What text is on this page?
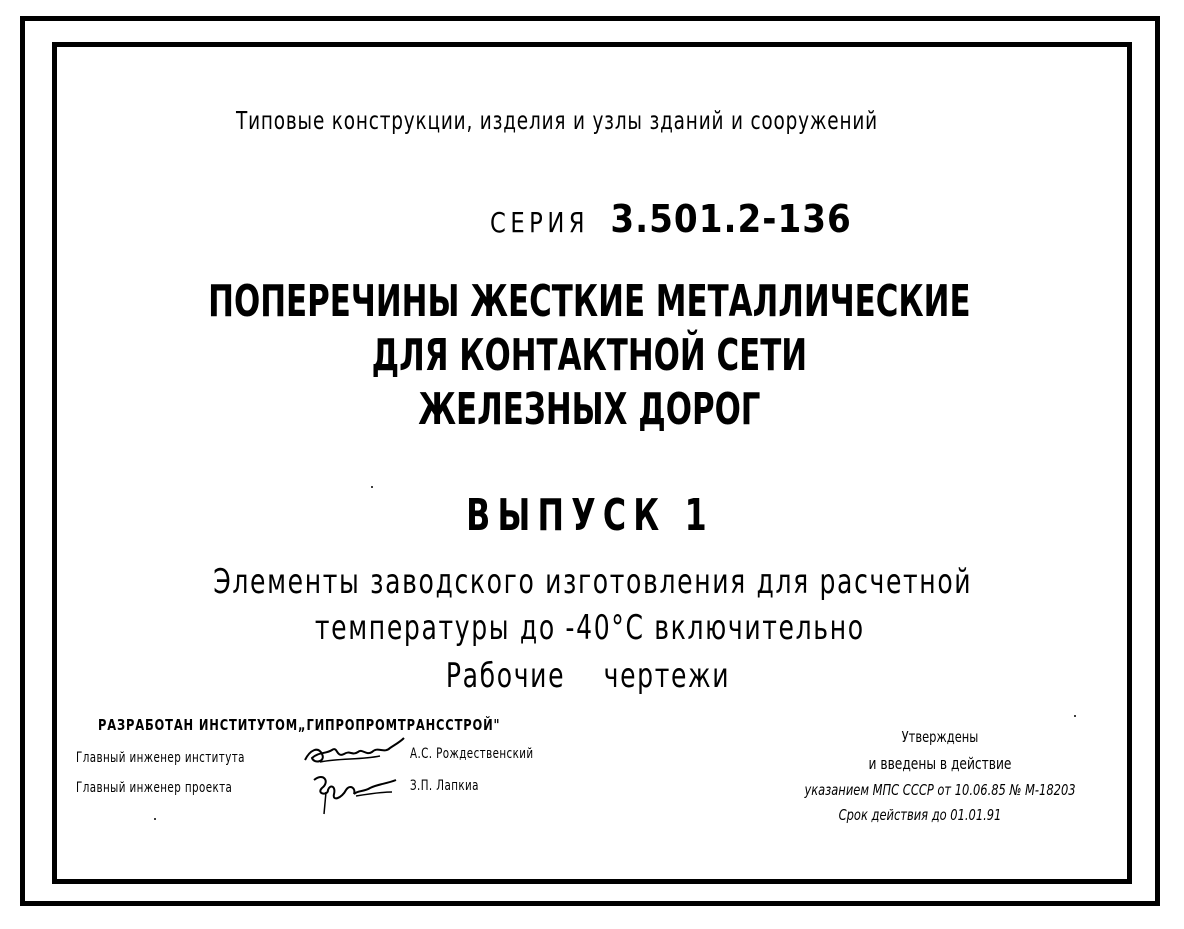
Типовые конструкции, изделия и узлы зданий и сооружений
СЕРИЯ 3.501.2-136
ПОПЕРЕЧИНЫ ЖЕСТКИЕ МЕТАЛЛИЧЕСКИЕ
ДЛЯ КОНТАКТНОЙ СЕТИ
ЖЕЛЕЗНЫХ ДОРОГ
ВЫПУСК 1
Элементы заводского изготовления для расчетной
температуры до -40°С включительно
Рабочие    чертежи
РАЗРАБОТАН ИНСТИТУТОМ„ГИПРОПРОМТРАНССТРОЙ"
Главный инженер института	А.С. Рождественский
Главный инженер проекта	З.П. Лапкиа
Утверждены
и введены в действие
указанием МПС СССР от 10.06.85 № М-18203
Срок действия до 01.01.91
